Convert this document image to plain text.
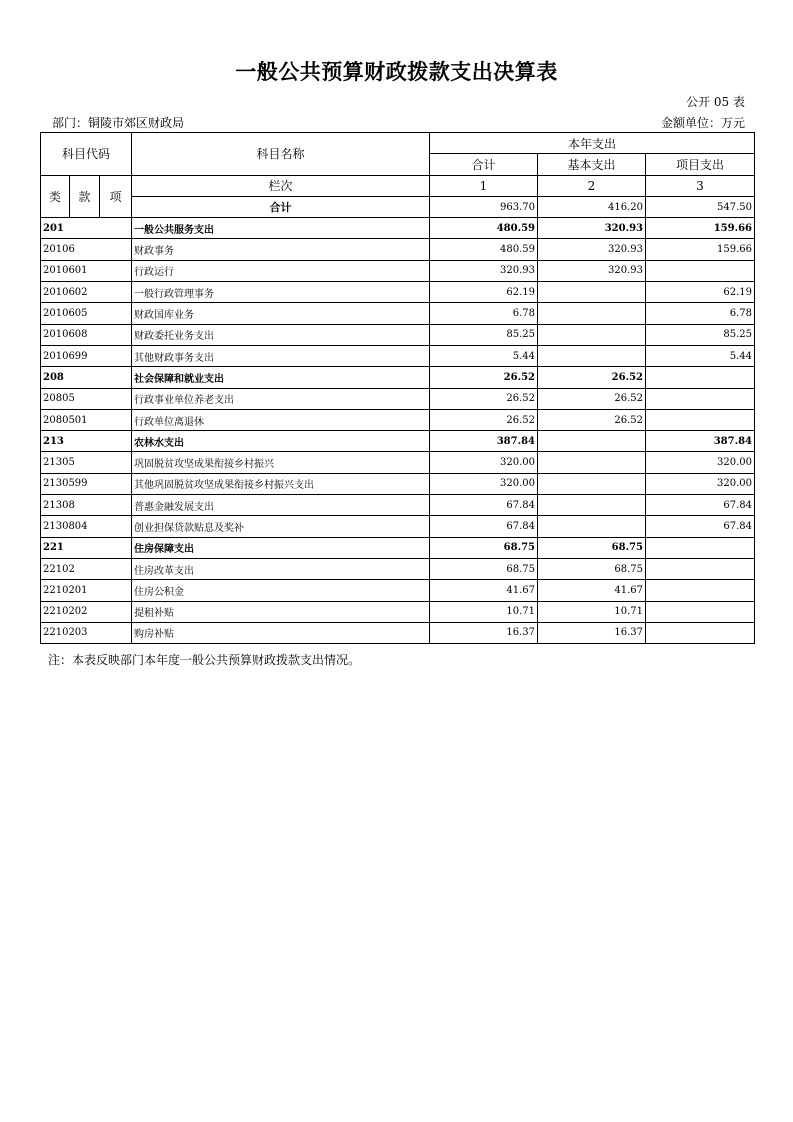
一般公共预算财政拨款支出决算表
公开 05 表
部门：铜陵市郊区财政局	金额单位：万元
科目代码			科目名称	本年支出		
				合计	基本支出	项目支出
类	款	项	栏次	1	2	3
			合计	963.70	416.20	547.50
201			一般公共服务支出	480.59	320.93	159.66
20106			财政事务	480.59	320.93	159.66
2010601			行政运行	320.93	320.93	
2010602			一般行政管理事务	62.19		62.19
2010605			财政国库业务	6.78		6.78
2010608			财政委托业务支出	85.25		85.25
2010699			其他财政事务支出	5.44		5.44
208			社会保障和就业支出	26.52	26.52	
20805			行政事业单位养老支出	26.52	26.52	
2080501			行政单位离退休	26.52	26.52	
213			农林水支出	387.84		387.84
21305			巩固脱贫攻坚成果衔接乡村振兴	320.00		320.00
2130599			其他巩固脱贫攻坚成果衔接乡村振兴支出	320.00		320.00
21308			普惠金融发展支出	67.84		67.84
2130804			创业担保贷款贴息及奖补	67.84		67.84
221			住房保障支出	68.75	68.75	
22102			住房改革支出	68.75	68.75	
2210201			住房公积金	41.67	41.67	
2210202			提租补贴	10.71	10.71	
2210203			购房补贴	16.37	16.37	
注：本表反映部门本年度一般公共预算财政拨款支出情况。
